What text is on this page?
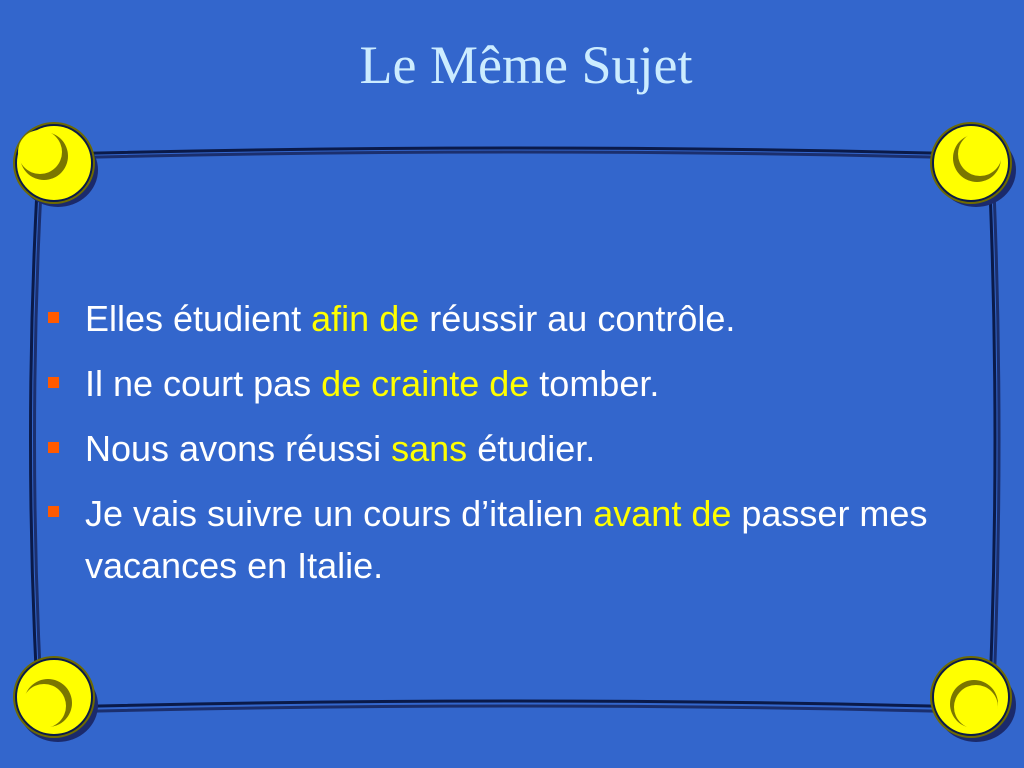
Le Même Sujet
Elles étudient afin de réussir au contrôle.
Il ne court pas de crainte de tomber.
Nous avons réussi sans étudier.
Je vais suivre un cours d’italien avant de passer mes vacances en Italie.
